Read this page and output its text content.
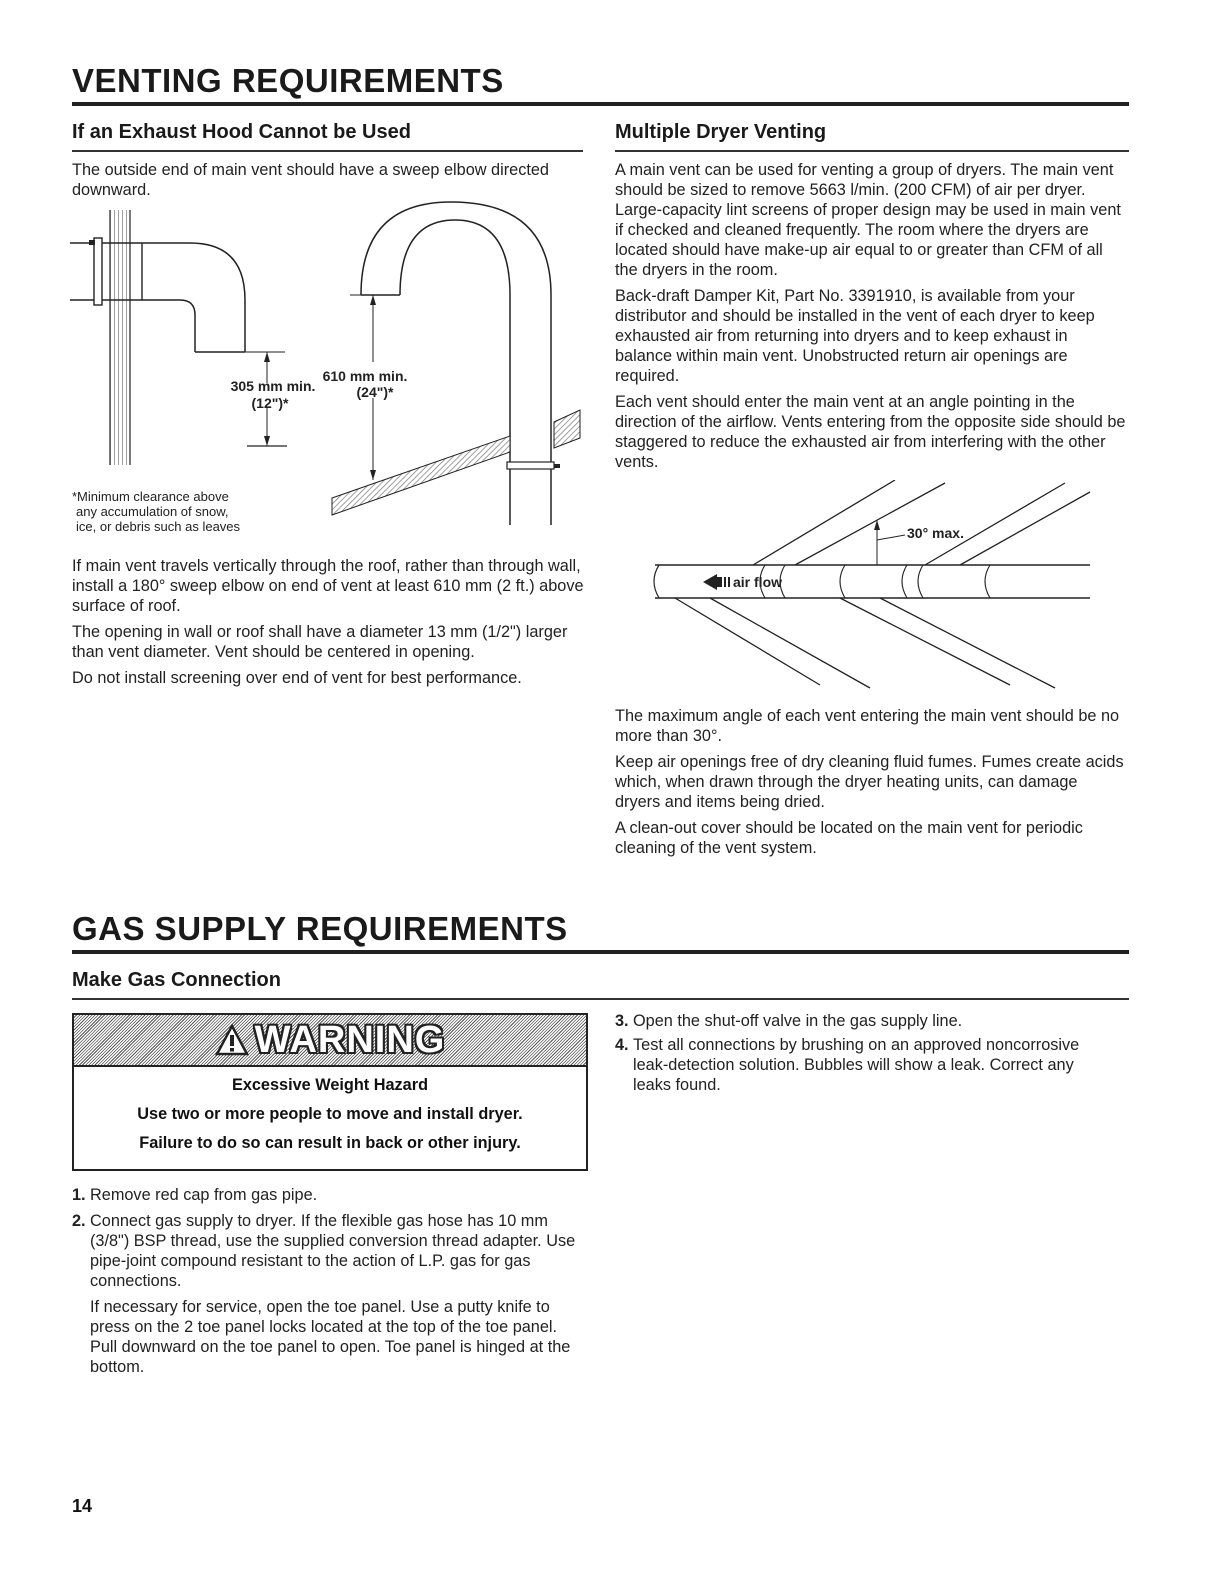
VENTING REQUIREMENTS
If an Exhaust Hood Cannot be Used
The outside end of main vent should have a sweep elbow directed downward.
305 mm min.
(12")*
610 mm min.
(24")*
*Minimum clearance above
any accumulation of snow,
ice, or debris such as leaves
If main vent travels vertically through the roof, rather than through wall, install a 180° sweep elbow on end of vent at least 610 mm (2 ft.) above surface of roof.
The opening in wall or roof shall have a diameter 13 mm (1/2") larger than vent diameter. Vent should be centered in opening.
Do not install screening over end of vent for best performance.
Multiple Dryer Venting
A main vent can be used for venting a group of dryers. The main vent should be sized to remove 5663 l/min. (200 CFM) of air per dryer. Large-capacity lint screens of proper design may be used in main vent if checked and cleaned frequently. The room where the dryers are located should have make-up air equal to or greater than CFM of all the dryers in the room.
Back-draft Damper Kit, Part No. 3391910, is available from your distributor and should be installed in the vent of each dryer to keep exhausted air from returning into dryers and to keep exhaust in balance within main vent. Unobstructed return air openings are required.
Each vent should enter the main vent at an angle pointing in the direction of the airflow. Vents entering from the opposite side should be staggered to reduce the exhausted air from interfering with the other vents.
30° max.
air flow
The maximum angle of each vent entering the main vent should be no more than 30°.
Keep air openings free of dry cleaning fluid fumes. Fumes create acids which, when drawn through the dryer heating units, can damage dryers and items being dried.
A clean-out cover should be located on the main vent for periodic cleaning of the vent system.
GAS SUPPLY REQUIREMENTS
Make Gas Connection
WARNING
Excessive Weight Hazard
Use two or more people to move and install dryer.
Failure to do so can result in back or other injury.
1. Remove red cap from gas pipe.
2. Connect gas supply to dryer. If the flexible gas hose has 10 mm (3/8") BSP thread, use the supplied conversion thread adapter. Use pipe-joint compound resistant to the action of L.P. gas for gas connections.
If necessary for service, open the toe panel. Use a putty knife to press on the 2 toe panel locks located at the top of the toe panel. Pull downward on the toe panel to open. Toe panel is hinged at the bottom.
3. Open the shut-off valve in the gas supply line.
4. Test all connections by brushing on an approved noncorrosive leak-detection solution. Bubbles will show a leak. Correct any leaks found.
14
